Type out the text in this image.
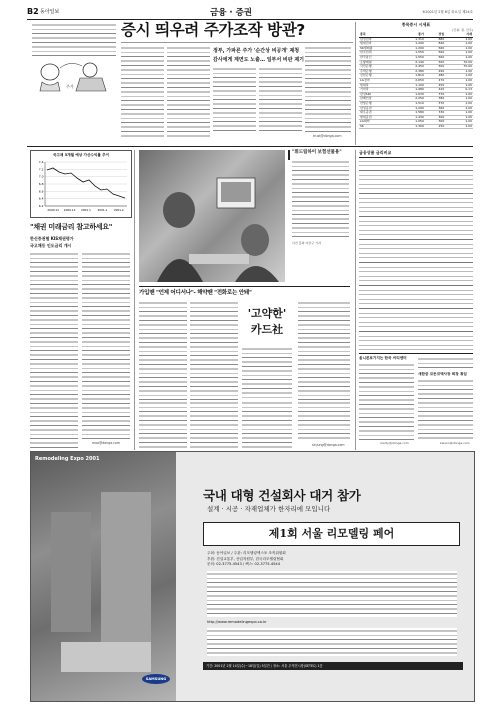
B2 동아일보	금융 · 증권	※2001년 2월 6일 화요일 제24호
주가
증시 띄우려 주가조작 방관?
정부, 가파른 주가 '순간상 비공개' 제청
감사에게 계면도 노출… 일부서 비판 제기
trust@donga.com
종목증시 시세표
(단위: 원, 만주)
종목	종가	전일	거래
삼성전자	1,310	880	1.00
현대전자	1,290	840	1.00
SK텔레콤	1,200	560	1.00
한국전력	1,550	560	1.00
한국통신	1,550	560	1.00
포항제철	2,140	500	70.00
국민은행	2,450	500	70.00
주택은행	2,380	490	1.00
신한은행	1,810	480	1.00
LG전자	2,650	470	1.00
현대차	1,100	450	1.00
기아차	1,980	420	0.13
삼성SDI	1,630	370	1.00
담배인삼	2,250	380	1.00
한빛은행	1,510	370	1.00
삼성증권	1,290	360	1.00
대우증권	1,580	330	1.00
현대증권	1,430	300	1.00
LG화학	1,050	300	1.00
SK	1,300	250	1.00
국고채 3개월 예상 가산수익률 추이
7.4
7.2
7.0
6.8
6.6
6.4
6.2
2000.12 2000.12 2001.1 2001.1 2001.2
"채권 미래금리 참고하세요"
한신증권협 KIS채권평가
국고채등 인도금리 개시
moo@donga.com
"휘드립하이 보험선물용"
사진 홍의 이한구 기자
가입땐 "언제 어디서나"- 해약땐 "전화로는 안돼"
'고약한' 카드社
sinjung@donga.com
금융상품 금리비교
옴니콘보기지는 한국 씨티센터
marty@donga.com
새한증 코든코엑사장 회장 취임
kwoon@donga.com
Remodeling Expo 2001
SAMSUNG
국내 대형 건설회사 대거 참가
설계 · 시공 · 자재업체가 한자리에 모입니다
제1회 서울 리모델링 페어
주최: 동아일보 / 주관: 리모델링엑스포 조직위원회
후원: 건설교통부, 산업자원부, 한국리모델링협회
문의: 02-3775-4543 / 팩스: 02-3775-4544
http://www.remodelingexpo.co.kr
기간: 2001년 2월 14일(수)~18일(일) 5일간 / 장소: 서울 무역전시장(SETEC) 1층
